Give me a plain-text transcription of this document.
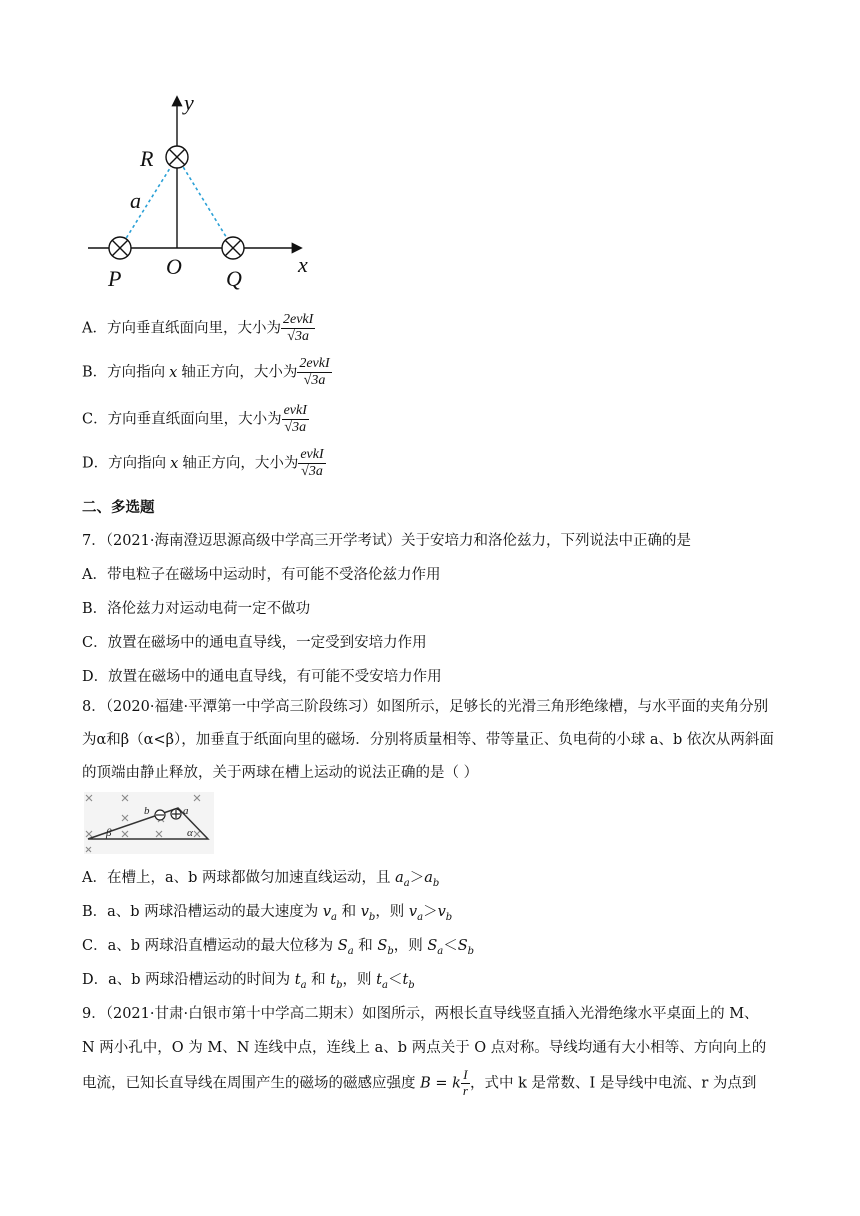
y
R
a
x
P O Q
A．方向垂直纸面向里，大小为 $\frac{\text{2evkI}}{√3a}$
B．方向指向 x 轴正方向，大小为 $\frac{\text{2evkI}}{√3a}$
C．方向垂直纸面向里，大小为 $\frac{\text{evkI}}{√3a}$
D．方向指向 x 轴正方向，大小为 $\frac{\text{evkI}}{√3a}$
二、多选题
7．（2021·海南澄迈思源高级中学高三开学考试）关于安培力和洛伦兹力，下列说法中正确的是
A．带电粒子在磁场中运动时，有可能不受洛伦兹力作用
B．洛伦兹力对运动电荷一定不做功
C．放置在磁场中的通电直导线，一定受到安培力作用
D．放置在磁场中的通电直导线，有可能不受安培力作用
8．（2020·福建·平潭第一中学高三阶段练习）如图所示，足够长的光滑三角形绝缘槽，与水平面的夹角分别为α和β（α<β），加垂直于纸面向里的磁场．分别将质量相等、带等量正、负电荷的小球 a、b 依次从两斜面的顶端由静止释放，关于两球在槽上运动的说法正确的是（ ）
b	a
β	α
A．在槽上，a、b 两球都做匀加速直线运动，且 $a_a>a_b$
B．a、b 两球沿槽运动的最大速度为 $v_a$ 和 $v_b$，则 $v_a>v_b$
C．a、b 两球沿直槽运动的最大位移为 $S_a$ 和 $S_b$，则 $S_a<S_b$
D．a、b 两球沿槽运动的时间为 $t_a$ 和 $t_b$，则 $t_a<t_b$
9．（2021·甘肃·白银市第十中学高二期末）如图所示，两根长直导线竖直插入光滑绝缘水平桌面上的 M、
N 两小孔中，O 为 M、N 连线中点，连线上 a、b 两点关于 O 点对称。导线均通有大小相等、方向向上的
电流，已知长直导线在周围产生的磁场的磁感应强度 B = k $\frac{I}{r}$ ，式中 k 是常数、I 是导线中电流、r 为点到
